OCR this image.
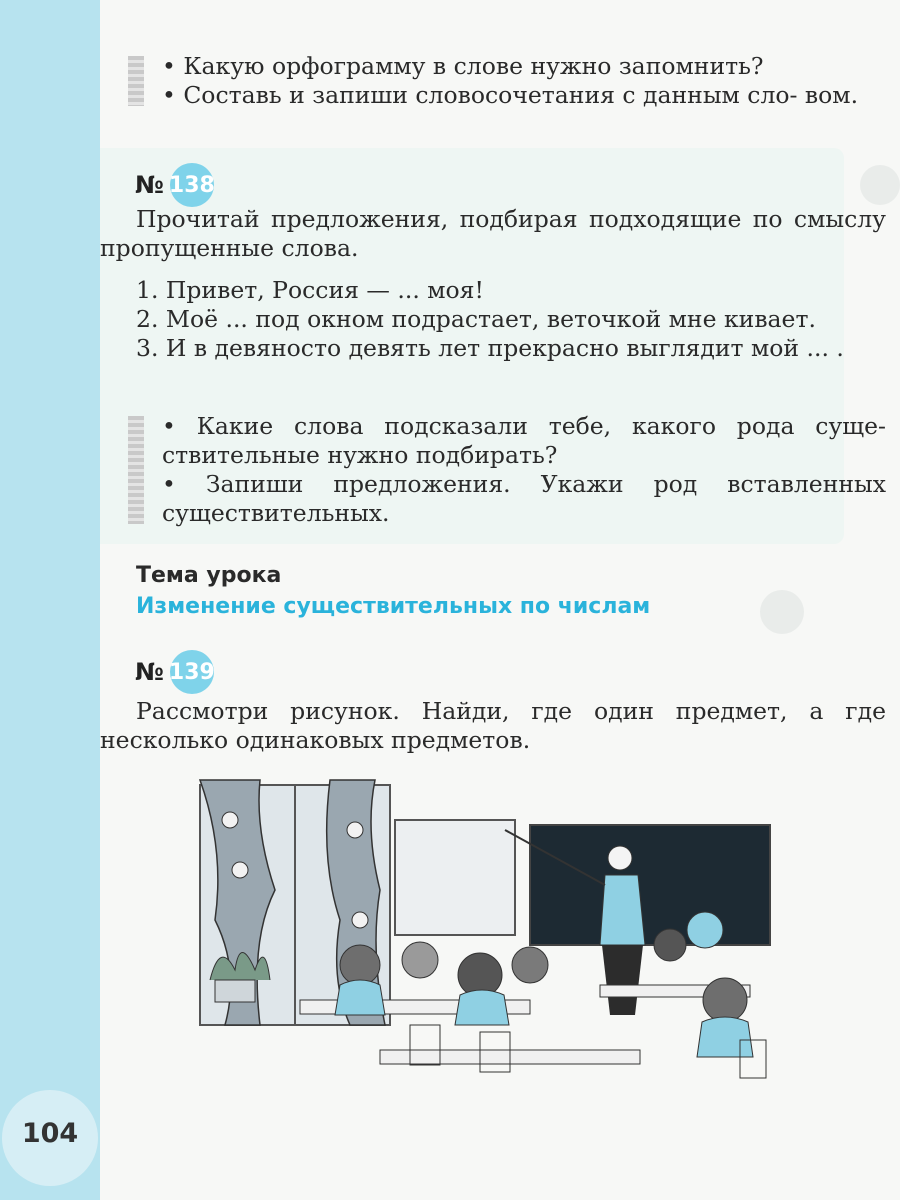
104

• Какую орфограмму в слове нужно запомнить?

• Составь и запиши словосочетания с данным сло- вом.

№ 138

Прочитай предложения, подбирая подходящие по смыслу пропущенные слова.

1. Привет, Россия — ... моя!

2. Моё ... под окном подрастает, веточкой мне кивает.

3. И в девяносто девять лет прекрасно выглядит мой ... .

• Какие слова подсказали тебе, какого рода суще- ствительные нужно подбирать?

• Запиши предложения. Укажи род вставленных существительных.

Тема урока
Изменение существительных по числам
№ 139

Рассмотри рисунок. Найди, где один предмет, а где несколько одинаковых предметов.
